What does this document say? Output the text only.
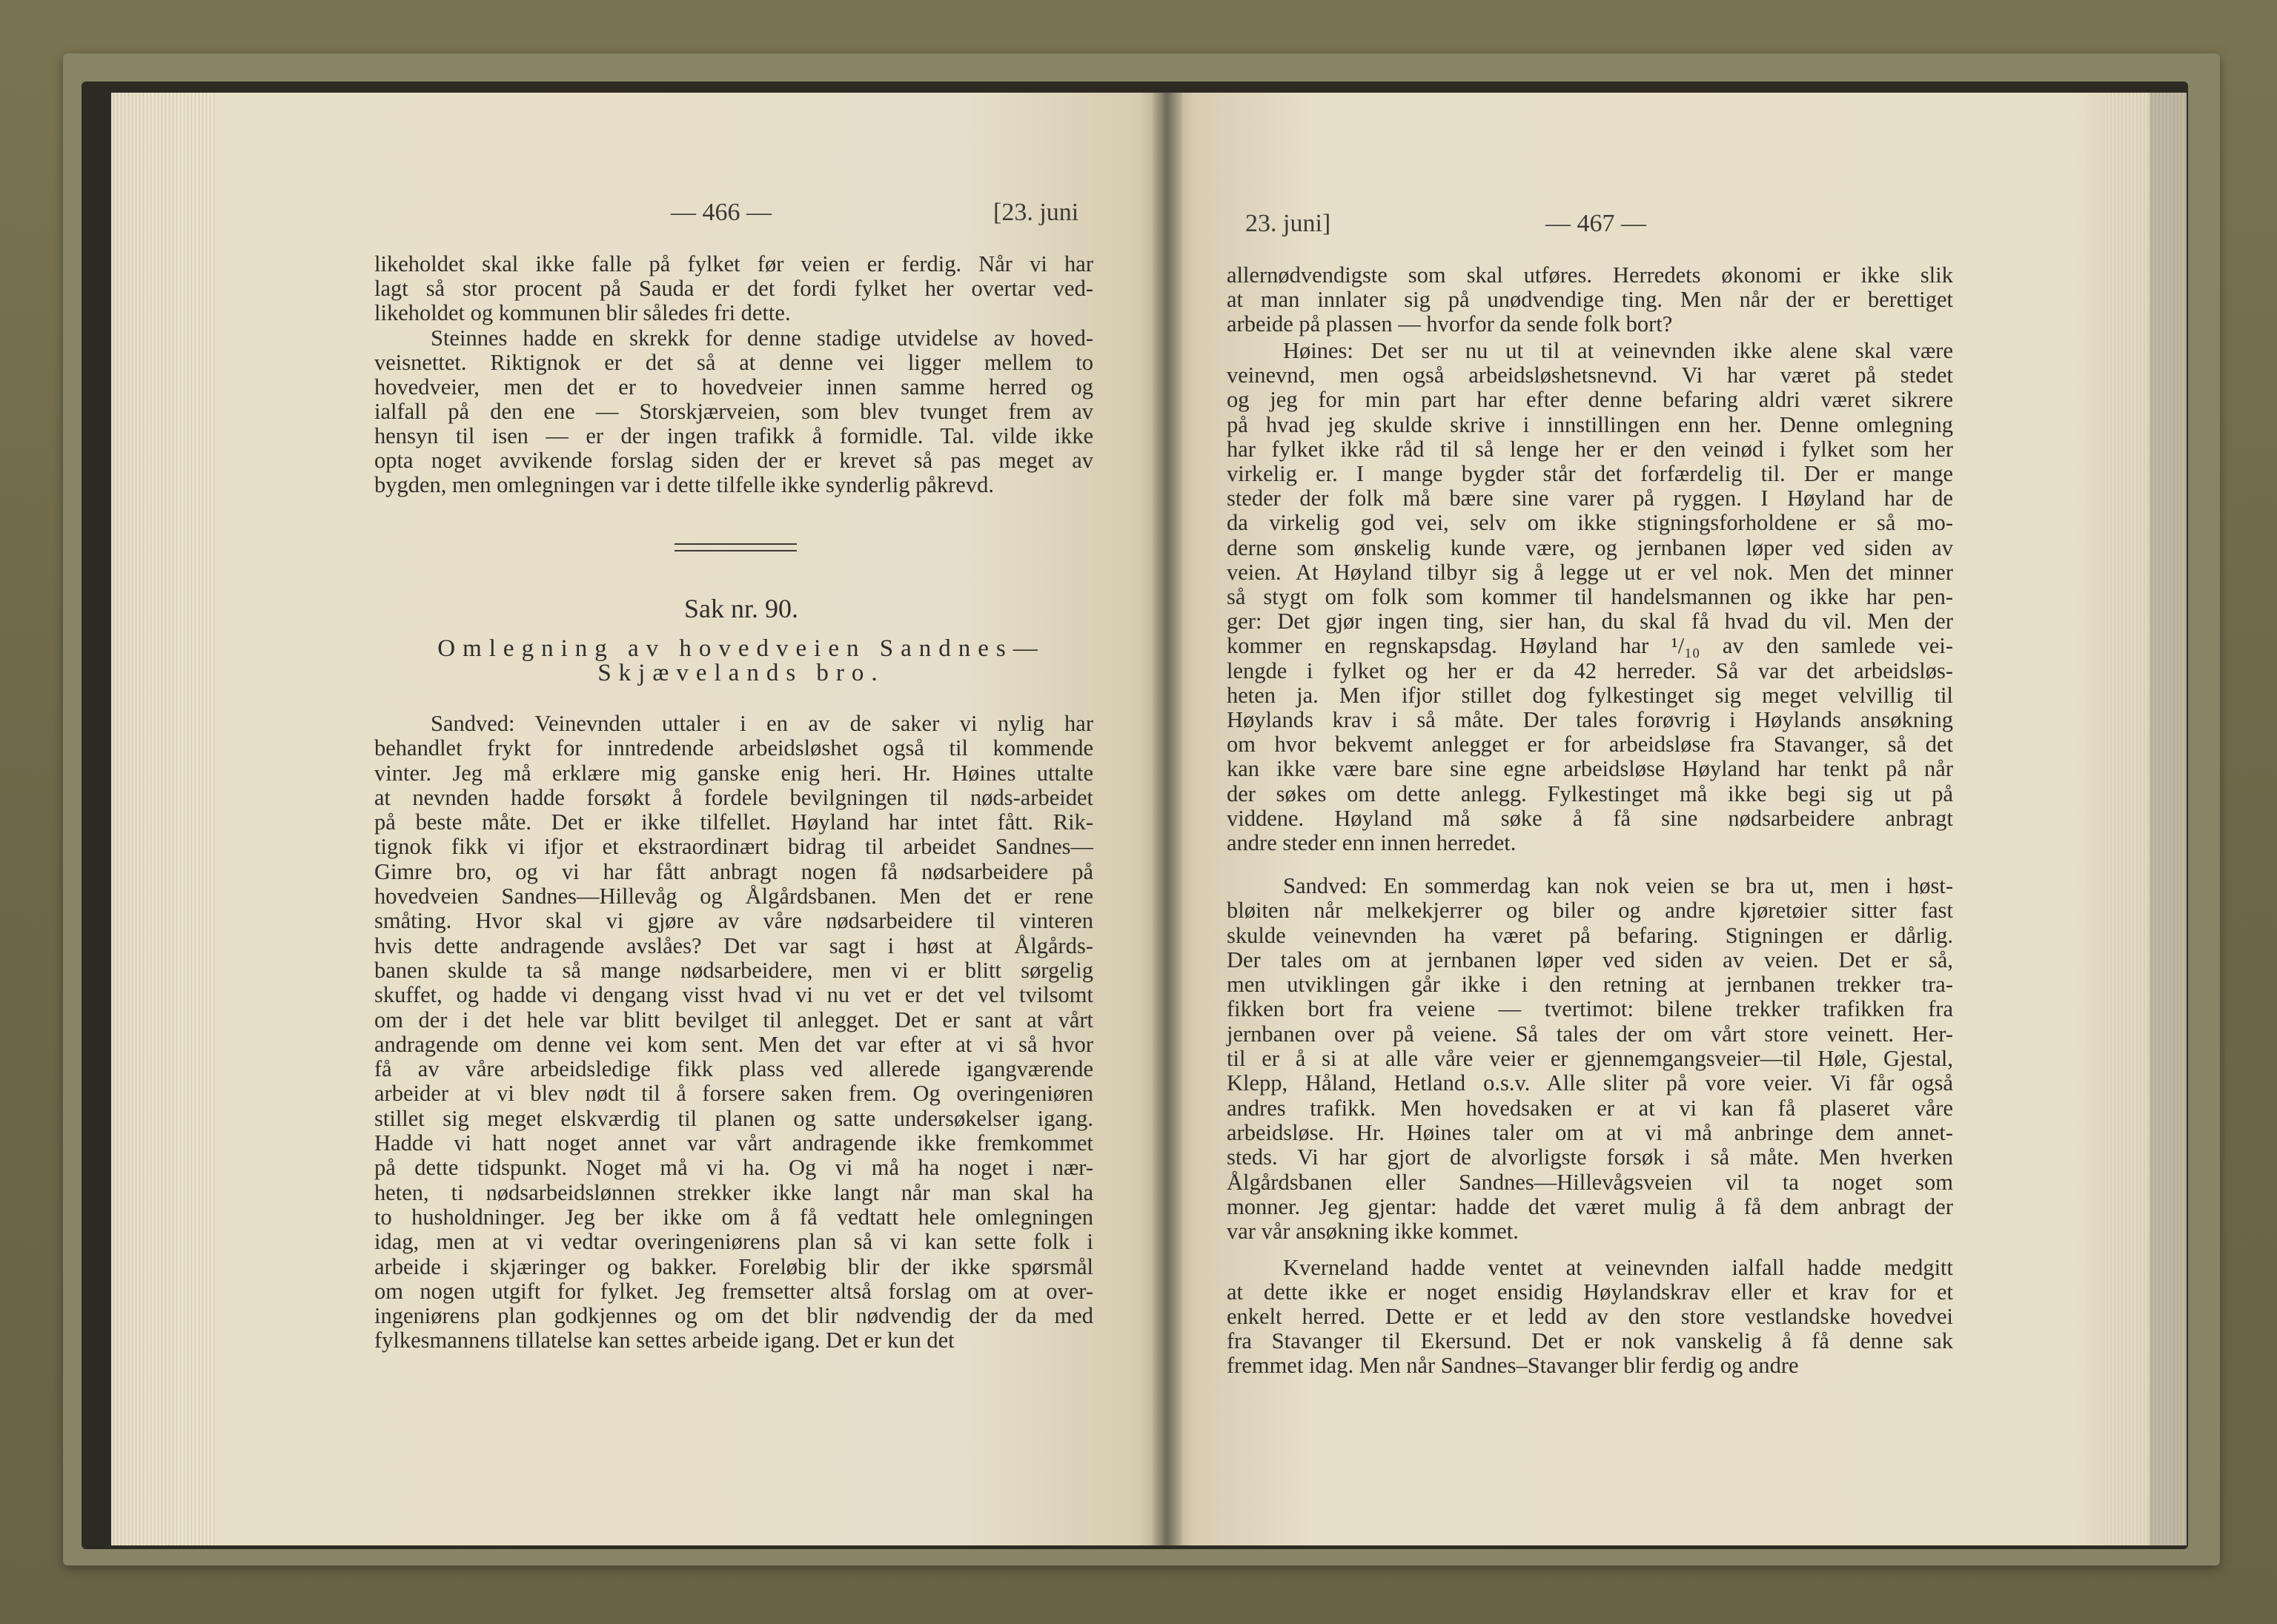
— 466 —	[23. juni
likeholdet skal ikke falle på fylket før veien er ferdig. Når vi har
lagt så stor procent på Sauda er det fordi fylket her overtar ved-
likeholdet og kommunen blir således fri dette.
Steinnes hadde en skrekk for denne stadige utvidelse av hoved-
veisnettet. Riktignok er det så at denne vei ligger mellem to
hovedveier, men det er to hovedveier innen samme herred og
ialfall på den ene — Storskjærveien, som blev tvunget frem av
hensyn til isen — er der ingen trafikk å formidle. Tal. vilde ikke
opta noget avvikende forslag siden der er krevet så pas meget av
bygden, men omlegningen var i dette tilfelle ikke synderlig påkrevd.
Sak nr. 90.
Omlegning av hovedveien Sandnes—
Skjævelands bro.
Sandved: Veinevnden uttaler i en av de saker vi nylig har
behandlet frykt for inntredende arbeidsløshet også til kommende
vinter. Jeg må erklære mig ganske enig heri. Hr. Høines uttalte
at nevnden hadde forsøkt å fordele bevilgningen til nøds-arbeidet
på beste måte. Det er ikke tilfellet. Høyland har intet fått. Rik-
tignok fikk vi ifjor et ekstraordinært bidrag til arbeidet Sandnes—
Gimre bro, og vi har fått anbragt nogen få nødsarbeidere på
hovedveien Sandnes—Hillevåg og Ålgårdsbanen. Men det er rene
småting. Hvor skal vi gjøre av våre nødsarbeidere til vinteren
hvis dette andragende avslåes? Det var sagt i høst at Ålgårds-
banen skulde ta så mange nødsarbeidere, men vi er blitt sørgelig
skuffet, og hadde vi dengang visst hvad vi nu vet er det vel tvilsomt
om der i det hele var blitt bevilget til anlegget. Det er sant at vårt
andragende om denne vei kom sent. Men det var efter at vi så hvor
få av våre arbeidsledige fikk plass ved allerede igangværende
arbeider at vi blev nødt til å forsere saken frem. Og overingeniøren
stillet sig meget elskværdig til planen og satte undersøkelser igang.
Hadde vi hatt noget annet var vårt andragende ikke fremkommet
på dette tidspunkt. Noget må vi ha. Og vi må ha noget i nær-
heten, ti nødsarbeidslønnen strekker ikke langt når man skal ha
to husholdninger. Jeg ber ikke om å få vedtatt hele omlegningen
idag, men at vi vedtar overingeniørens plan så vi kan sette folk i
arbeide i skjæringer og bakker. Foreløbig blir der ikke spørsmål
om nogen utgift for fylket. Jeg fremsetter altså forslag om at over-
ingeniørens plan godkjennes og om det blir nødvendig der da med
fylkesmannens tillatelse kan settes arbeide igang. Det er kun det
23. juni]	— 467 —
allernødvendigste som skal utføres. Herredets økonomi er ikke slik
at man innlater sig på unødvendige ting. Men når der er berettiget
arbeide på plassen — hvorfor da sende folk bort?
Høines: Det ser nu ut til at veinevnden ikke alene skal være
veinevnd, men også arbeidsløshetsnevnd. Vi har været på stedet
og jeg for min part har efter denne befaring aldri været sikrere
på hvad jeg skulde skrive i innstillingen enn her. Denne omlegning
har fylket ikke råd til så lenge her er den veinød i fylket som her
virkelig er. I mange bygder står det forfærdelig til. Der er mange
steder der folk må bære sine varer på ryggen. I Høyland har de
da virkelig god vei, selv om ikke stigningsforholdene er så mo-
derne som ønskelig kunde være, og jernbanen løper ved siden av
veien. At Høyland tilbyr sig å legge ut er vel nok. Men det minner
så stygt om folk som kommer til handelsmannen og ikke har pen-
ger: Det gjør ingen ting, sier han, du skal få hvad du vil. Men der
kommer en regnskapsdag. Høyland har ¹/₁₀ av den samlede vei-
lengde i fylket og her er da 42 herreder. Så var det arbeidsløs-
heten ja. Men ifjor stillet dog fylkestinget sig meget velvillig til
Høylands krav i så måte. Der tales forøvrig i Høylands ansøkning
om hvor bekvemt anlegget er for arbeidsløse fra Stavanger, så det
kan ikke være bare sine egne arbeidsløse Høyland har tenkt på når
der søkes om dette anlegg. Fylkestinget må ikke begi sig ut på
viddene. Høyland må søke å få sine nødsarbeidere anbragt
andre steder enn innen herredet.
Sandved: En sommerdag kan nok veien se bra ut, men i høst-
bløiten når melkekjerrer og biler og andre kjøretøier sitter fast
skulde veinevnden ha været på befaring. Stigningen er dårlig.
Der tales om at jernbanen løper ved siden av veien. Det er så,
men utviklingen går ikke i den retning at jernbanen trekker tra-
fikken bort fra veiene — tvertimot: bilene trekker trafikken fra
jernbanen over på veiene. Så tales der om vårt store veinett. Her-
til er å si at alle våre veier er gjennemgangsveier—til Høle, Gjestal,
Klepp, Håland, Hetland o.s.v. Alle sliter på vore veier. Vi får også
andres trafikk. Men hovedsaken er at vi kan få plaseret våre
arbeidsløse. Hr. Høines taler om at vi må anbringe dem annet-
steds. Vi har gjort de alvorligste forsøk i så måte. Men hverken
Ålgårdsbanen eller Sandnes—Hillevågsveien vil ta noget som
monner. Jeg gjentar: hadde det været mulig å få dem anbragt der
var vår ansøkning ikke kommet.
Kverneland hadde ventet at veinevnden ialfall hadde medgitt
at dette ikke er noget ensidig Høylandskrav eller et krav for et
enkelt herred. Dette er et ledd av den store vestlandske hovedvei
fra Stavanger til Ekersund. Det er nok vanskelig å få denne sak
fremmet idag. Men når Sandnes–Stavanger blir ferdig og andre
